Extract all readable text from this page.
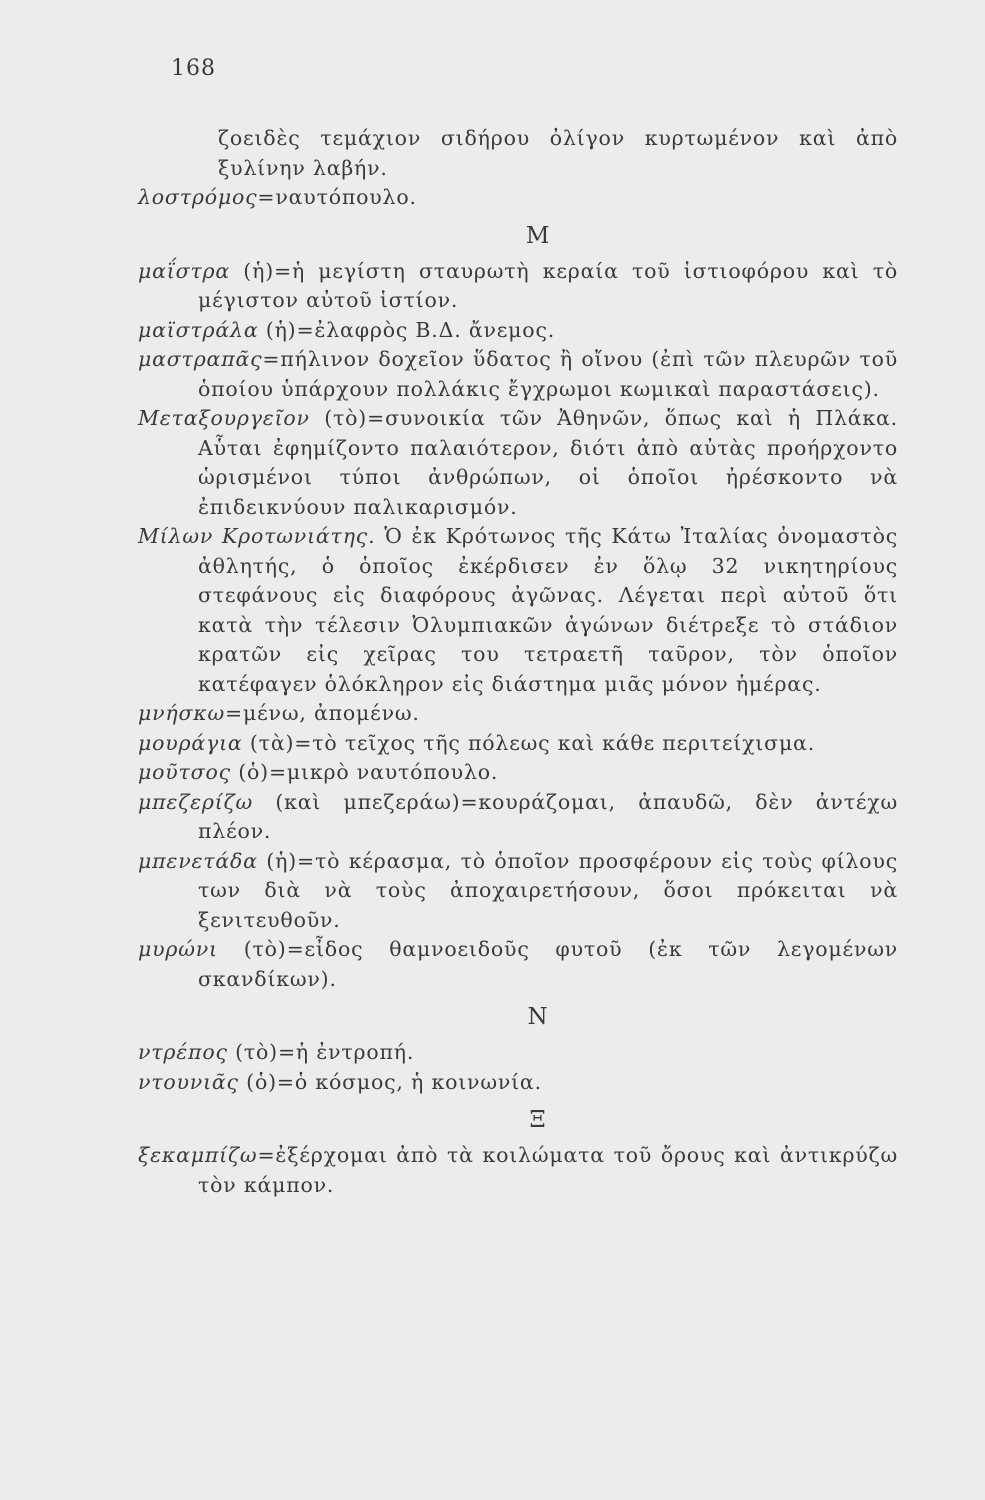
168

ζοειδὲς τεμάχιον σιδήρου ὀλίγον κυρτωμένον καὶ ἀπὸ ξυλίνην λαβήν.

λοστρόμος=ναυτόπουλο.

Μ

μαΐστρα (ἡ)=ἡ μεγίστη σταυρωτὴ κεραία τοῦ ἱστιοφόρου καὶ τὸ μέγιστον αὐτοῦ ἱστίον.

μαϊστράλα (ἡ)=ἐλαφρὸς Β.Δ. ἄνεμος.

μαστραπᾶς=πήλινον δοχεῖον ὕδατος ἢ οἴνου (ἐπὶ τῶν πλευρῶν τοῦ ὁποίου ὑπάρχουν πολλάκις ἔγχρωμοι κωμικαὶ παραστάσεις).

Μεταξουργεῖον (τὸ)=συνοικία τῶν Ἀθηνῶν, ὅπως καὶ ἡ Πλάκα. Αὗται ἐφημίζοντο παλαιότερον, διότι ἀπὸ αὐτὰς προήρχοντο ὡρισμένοι τύποι ἀνθρώπων, οἱ ὁποῖοι ἠρέσκοντο νὰ ἐπιδεικνύουν παλικαρισμόν.

Μίλων Κροτωνιάτης. Ὁ ἐκ Κρότωνος τῆς Κάτω Ἰταλίας ὀνομαστὸς ἀθλητής, ὁ ὁποῖος ἐκέρδισεν ἐν ὅλῳ 32 νικητηρίους στεφάνους εἰς διαφόρους ἀγῶνας. Λέγεται περὶ αὐτοῦ ὅτι κατὰ τὴν τέλεσιν Ὀλυμπιακῶν ἀγώνων διέτρεξε τὸ στάδιον κρατῶν εἰς χεῖρας του τετραετῆ ταῦρον, τὸν ὁποῖον κατέφαγεν ὁλόκληρον εἰς διάστημα μιᾶς μόνον ἡμέρας.

μνήσκω=μένω, ἀπομένω.

μουράγια (τὰ)=τὸ τεῖχος τῆς πόλεως καὶ κάθε περιτείχισμα.

μοῦτσος (ὁ)=μικρὸ ναυτόπουλο.

μπεζερίζω (καὶ μπεζεράω)=κουράζομαι, ἀπαυδῶ, δὲν ἀντέχω πλέον.

μπενετάδα (ἡ)=τὸ κέρασμα, τὸ ὁποῖον προσφέρουν εἰς τοὺς φίλους των διὰ νὰ τοὺς ἀποχαιρετήσουν, ὅσοι πρόκειται νὰ ξενιτευθοῦν.

μυρώνι (τὸ)=εἶδος θαμνοειδοῦς φυτοῦ (ἐκ τῶν λεγομένων σκανδίκων).

Ν

ντρέπος (τὸ)=ἡ ἐντροπή.

ντουνιᾶς (ὁ)=ὁ κόσμος, ἡ κοινωνία.

Ξ

ξεκαμπίζω=ἐξέρχομαι ἀπὸ τὰ κοιλώματα τοῦ ὄρους καὶ ἀντικρύζω τὸν κάμπον.
